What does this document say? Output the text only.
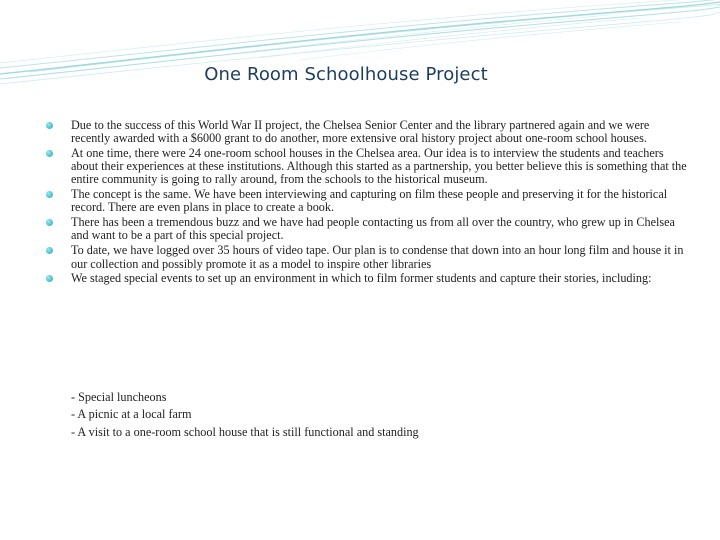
One Room Schoolhouse Project
Due to the success of this World War II project, the Chelsea Senior Center and the library partnered again and we were recently awarded with a $6000 grant to do another, more extensive oral history project about one-room school houses.
At one time, there were 24 one-room school houses in the Chelsea area. Our idea is to interview the students and teachers about their experiences at these institutions. Although this started as a partnership, you better believe this is something that the entire community is going to rally around, from the schools to the historical museum.
The concept is the same. We have been interviewing and capturing on film these people and preserving it for the historical record. There are even plans in place to create a book.
There has been a tremendous buzz and we have had people contacting us from all over the country, who grew up in Chelsea and want to be a part of this special project.
To date, we have logged over 35 hours of video tape. Our plan is to condense that down into an hour long film and house it in our collection and possibly promote it as a model to inspire other libraries
We staged special events to set up an environment in which to film former students and capture their stories, including:
- Special luncheons
- A picnic at a local farm
- A visit to a one-room school house that is still functional and standing
